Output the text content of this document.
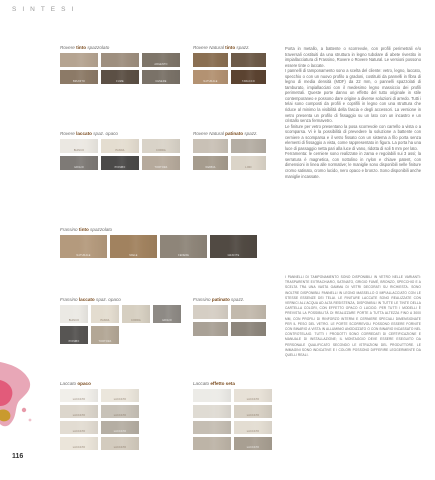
SINTESI
Rovere tinto spazzolato
ARGENTO
BRUNITO	FUMÉ	CENERE
Rovere Natural tinto spazz.
NATURALE	TABACCO
Rovere laccato spaz. opaco
BIANCO	PANNA	CORDA
GRIGIO	PIOMBO	TORTORA
Rovere Natural patinato spazz.
NEBBIA	LINO
Frassino tinto spazzolato
NATURALE	MIELE	CENERE	GRAFITE
Frassino laccato spaz. opaco
BIANCO	PANNA	CORDA	GRIGIO
PIOMBO	TORTORA
Frassino patinato spazz.
Laccato opaco
LACCATO	LACCATO
LACCATO	LACCATO
LACCATO	LACCATO
LACCATO	LACCATO
Laccato effetto seta
LACCATO
LACCATO
LACCATO
LACCATO
Porta in metallo, a battente o scorrevole, con profili perimetrali e/o traversali costituiti da una struttura in legno tubolare di abete rivestito in impiallacciatura di Frassino, Rovere o Rovere Natural. Le versioni possono essere tinte o laccate.
I pannelli di tamponamento sono a scelta del cliente: vetro, legno, laccato, specchio o con un nuovo profilo a gradoni, costituiti da pannelli in fibra di legno di media densità (MDF) da 22 mm, o pannelli spazzolati di tamburato, impiallacciati con il medesimo legno massiccio dei profili perimetrali. Queste porte danno un effetto del tutto originale in stile contemporaneo e possono dare origine a diverse soluzioni di arredo. Tutti i telai sono composti da profili e coprifili in legno con una struttura che riduce al minimo la visibilità della fascia e degli accessori. La versione in vetro presenta un profilo di fissaggio su un lato con un incastro e un cristallo senza fermavetro.
Le finiture per vetro presentano la posa scorrevole con carrello a vista o a scomparsa. Vi è la possibilità di prevedere la soluzione a battente con cerniere a scomparsa e il vetro fissato con un sistema a filo porta senza elementi di fissaggio a vista, come rappresentato in figura. La porta ha una luce di passaggio netta pari alla luce di vano, ridotta di soli 5 mm per lato.
Ferramenta: le cerniere sono realizzate in zama e regolabili sui 3 assi; la serratura è magnetica, con nottolino in nylon e chiave patent, con dimensioni in linea alle normative; le maniglie sono disponibili nelle finiture cromo satinato, cromo lucido, nero opaco e bronzo. Sono disponibili anche maniglie incassate.
I PANNELLI DI TAMPONAMENTO SONO DISPONIBILI IN VETRO NELLE VARIANTI: TRASPARENTE EXTRACHIARO, SATINATO, GRIGIO FUMÉ, BRONZO, SPECCHIO E A SCELTA TRA UNA VASTA GAMMA DI VETRI DECORATI SU RICHIESTA. SONO INOLTRE DISPONIBILI PANNELLI IN LEGNO MASSELLO O IMPIALLACCIATO CON LE STESSE ESSENZE DEI TELAI. LE FINITURE LACCATE SONO REALIZZATE CON VERNICI ALL'ACQUA AD ALTA RESISTENZA, DISPONIBILI IN TUTTE LE TINTE DELLA CARTELLA COLORI, CON EFFETTO OPACO O LUCIDO. PER TUTTI I MODELLI È PREVISTA LA POSSIBILITÀ DI REALIZZARE PORTE A TUTTA ALTEZZA FINO A 3000 MM, CON PROFILI DI RINFORZO INTERNI E CERNIERE SPECIALI DIMENSIONATE PER IL PESO DEL VETRO. LE PORTE SCORREVOLI POSSONO ESSERE FORNITE CON BINARIO A VISTA IN ALLUMINIO ANODIZZATO O CON BINARIO INCASSATO NEL CONTROTELAIO. TUTTI I PRODOTTI SONO CORREDATI DI CERTIFICAZIONE E MANUALE DI INSTALLAZIONE; IL MONTAGGIO DEVE ESSERE ESEGUITO DA PERSONALE QUALIFICATO SECONDO LE ISTRUZIONI DEL PRODUTTORE. LE IMMAGINI SONO INDICATIVE E I COLORI POSSONO DIFFERIRE LEGGERMENTE DA QUELLI REALI.
116
